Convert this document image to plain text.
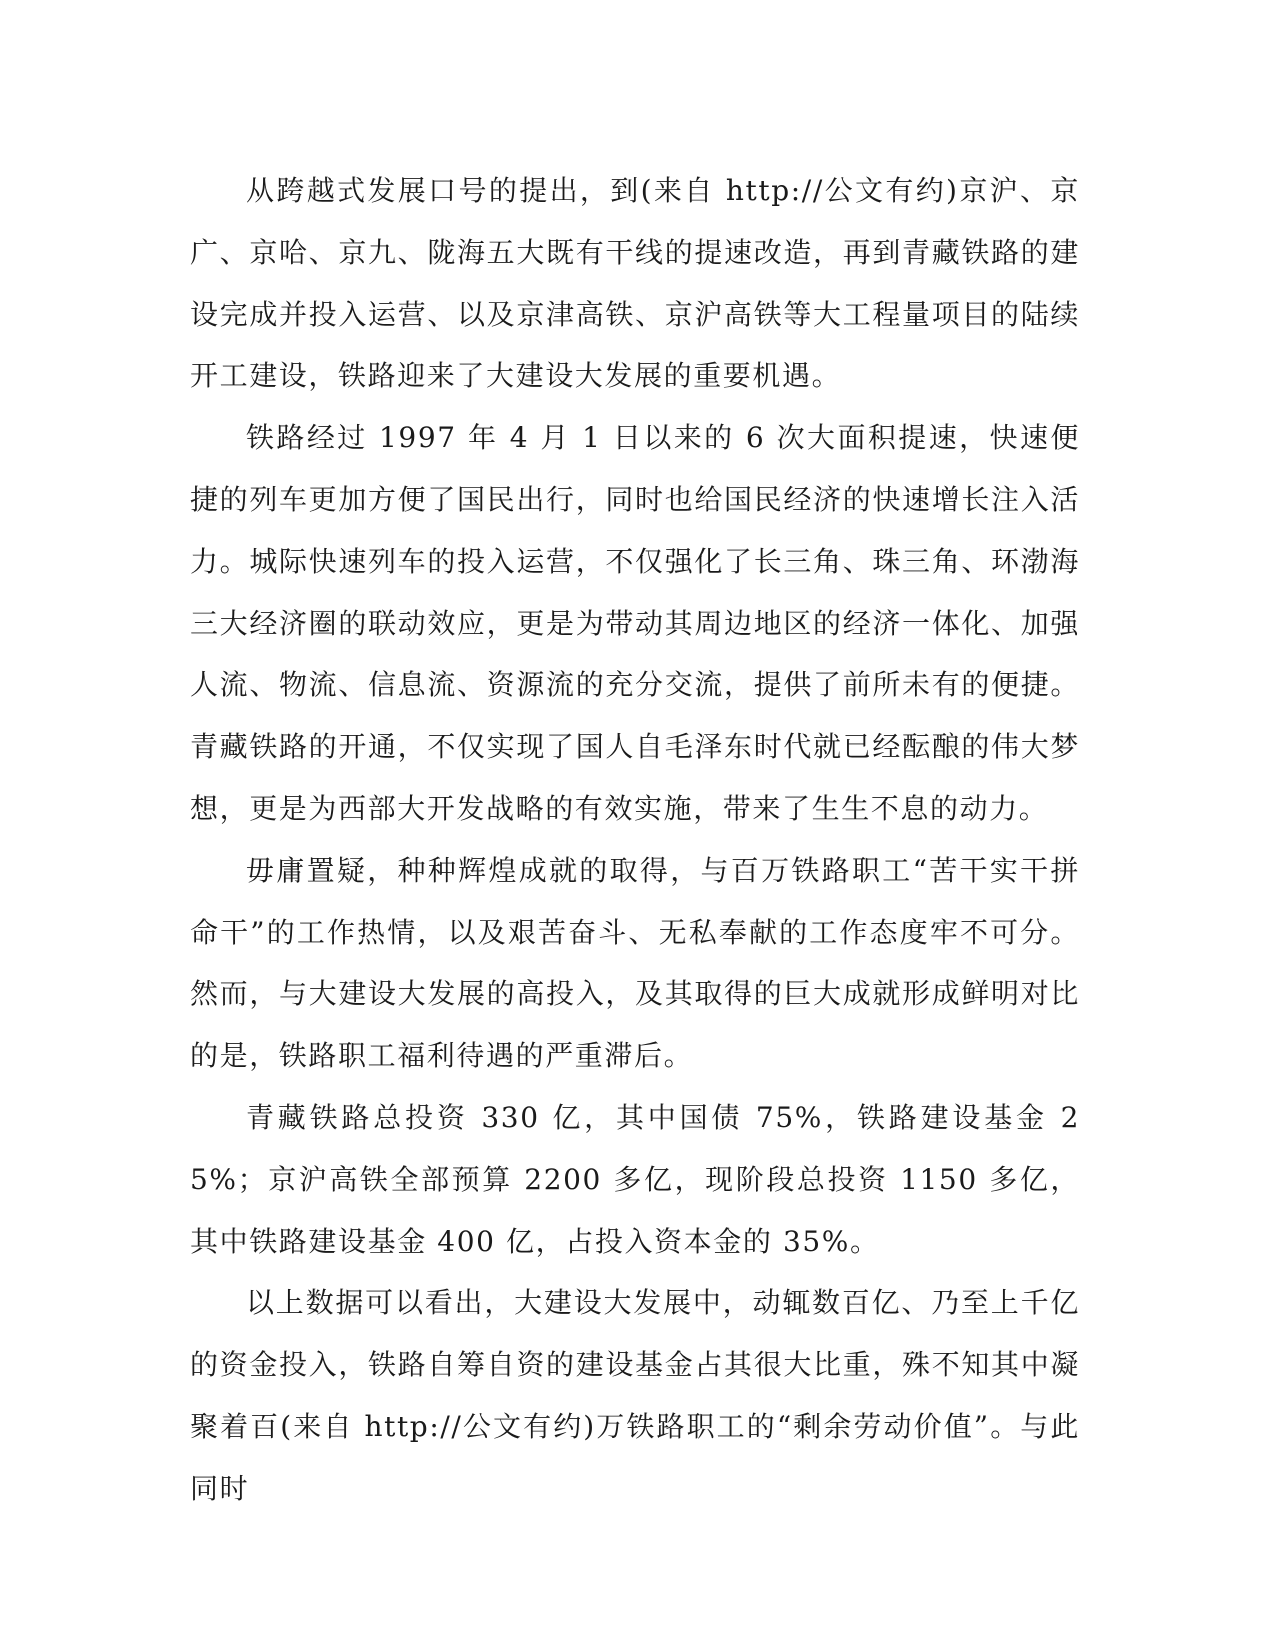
从跨越式发展口号的提出，到(来自 http://公文有约)京沪、京广、京哈、京九、陇海五大既有干线的提速改造，再到青藏铁路的建设完成并投入运营、以及京津高铁、京沪高铁等大工程量项目的陆续开工建设，铁路迎来了大建设大发展的重要机遇。

铁路经过 1997 年 4 月 1 日以来的 6 次大面积提速，快速便捷的列车更加方便了国民出行，同时也给国民经济的快速增长注入活力。城际快速列车的投入运营，不仅强化了长三角、珠三角、环渤海三大经济圈的联动效应，更是为带动其周边地区的经济一体化、加强人流、物流、信息流、资源流的充分交流，提供了前所未有的便捷。青藏铁路的开通，不仅实现了国人自毛泽东时代就已经酝酿的伟大梦想，更是为西部大开发战略的有效实施，带来了生生不息的动力。

毋庸置疑，种种辉煌成就的取得，与百万铁路职工“苦干实干拼命干”的工作热情，以及艰苦奋斗、无私奉献的工作态度牢不可分。然而，与大建设大发展的高投入，及其取得的巨大成就形成鲜明对比的是，铁路职工福利待遇的严重滞后。

青藏铁路总投资 330 亿，其中国债 75%，铁路建设基金 25%；京沪高铁全部预算 2200 多亿，现阶段总投资 1150 多亿，其中铁路建设基金 400 亿，占投入资本金的 35%。

以上数据可以看出，大建设大发展中，动辄数百亿、乃至上千亿的资金投入，铁路自筹自资的建设基金占其很大比重，殊不知其中凝聚着百(来自 http://公文有约)万铁路职工的“剩余劳动价值”。与此同时
